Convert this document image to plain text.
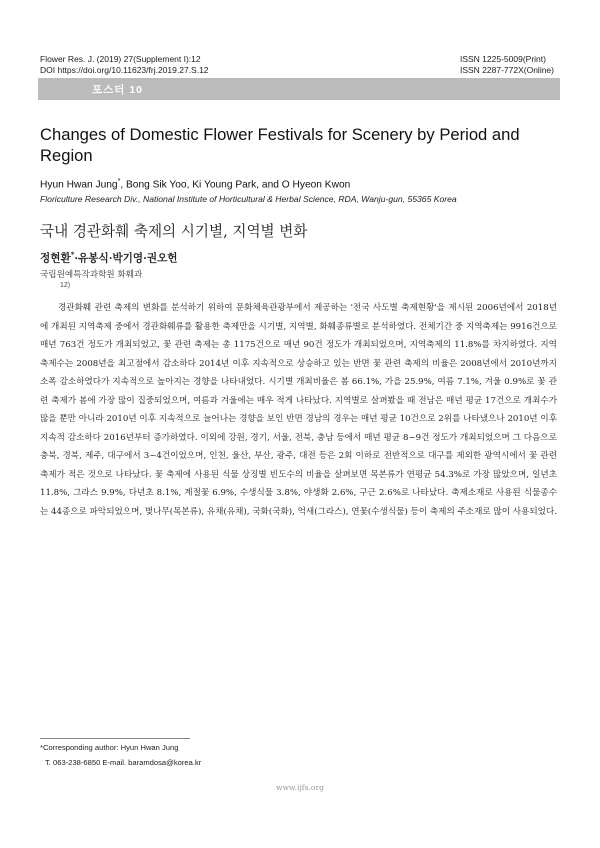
Flower Res. J. (2019) 27(Supplement I):12
DOI https://doi.org/10.11623/frj.2019.27.S.12
ISSN 1225-5009(Print)
ISSN 2287-772X(Online)
포스터 10
Changes of Domestic Flower Festivals for Scenery by Period and Region
Hyun Hwan Jung*, Bong Sik Yoo, Ki Young Park, and O Hyeon Kwon
Floriculture Research Div., National Institute of Horticultural & Herbal Science, RDA, Wanju-gun, 55365 Korea
국내 경관화훼 축제의 시기별, 지역별 변화
정현환*·유봉식·박기영·권오헌
국립원예특작과학원 화훼과
12)

경관화훼 관련 축제의 변화를 분석하기 위하여 문화체육관광부에서 제공하는 '전국 사도별 축제현황'을 제시된 2006년에서 2018년에 개최된 지역축제 중에서 경관화훼류를 활용한 축제만을 시기별, 지역별, 화훼종류별로 분석하였다. 전체기간 중 지역축제는 9916건으로 매년 763건 정도가 개최되었고, 꽃 관련 축제는 총 1175건으로 매년 90건 정도가 개최되었으며, 지역축제의 11.8%를 차지하였다. 지역축제수는 2008년을 최고점에서 감소하다 2014년 이후 지속적으로 상승하고 있는 반면 꽃 관련 축제의 비율은 2008년에서 2010년까지 소폭 감소하였다가 지속적으로 높아지는 경향을 나타내었다. 시기별 개최비율은 봄 66.1%, 가을 25.9%, 여름 7.1%, 겨울 0.9%로 꽃 관련 축제가 봄에 가장 많이 집중되었으며, 여름과 겨울에는 매우 적게 나타났다. 지역별로 살펴봤을 때 전남은 매년 평균 17건으로 개최수가 많을 뿐만 아니라 2010년 이후 지속적으로 늘어나는 경향을 보인 반면 경남의 경우는 매년 평균 10건으로 2위를 나타냈으나 2010년 이후 지속적 감소하다 2016년부터 증가하였다. 이외에 강원, 경기, 서울, 전북, 충남 등에서 매년 평균 8~9건 정도가 개최되었으며 그 다음으로 충북, 경북, 제주, 대구에서 3~4건이었으며, 인천, 울산, 부산, 광주, 대전 등은 2회 이하로 전반적으로 대구를 제외한 광역시에서 꽃 관련 축제가 적은 것으로 나타났다. 꽃 축제에 사용된 식물 상징별 빈도수의 비율을 살펴보면 목본류가 연평균 54.3%로 가장 많았으며, 일년초 11.8%, 그라스 9.9%, 다년초 8.1%, 계절꽃 6.9%, 수생식물 3.8%, 야생화 2.6%, 구근 2.6%로 나타났다. 축제소재로 사용된 식물종수는 44종으로 파악되었으며, 벚나무(목본류), 유채(유채), 국화(국화), 억새(그라스), 연꽃(수생식물) 등이 축제의 주소재로 많이 사용되었다.

*Corresponding author: Hyun Hwan Jung
T. 063-238-6850 E-mail. baramdosa@korea.kr
www.ijfs.org
